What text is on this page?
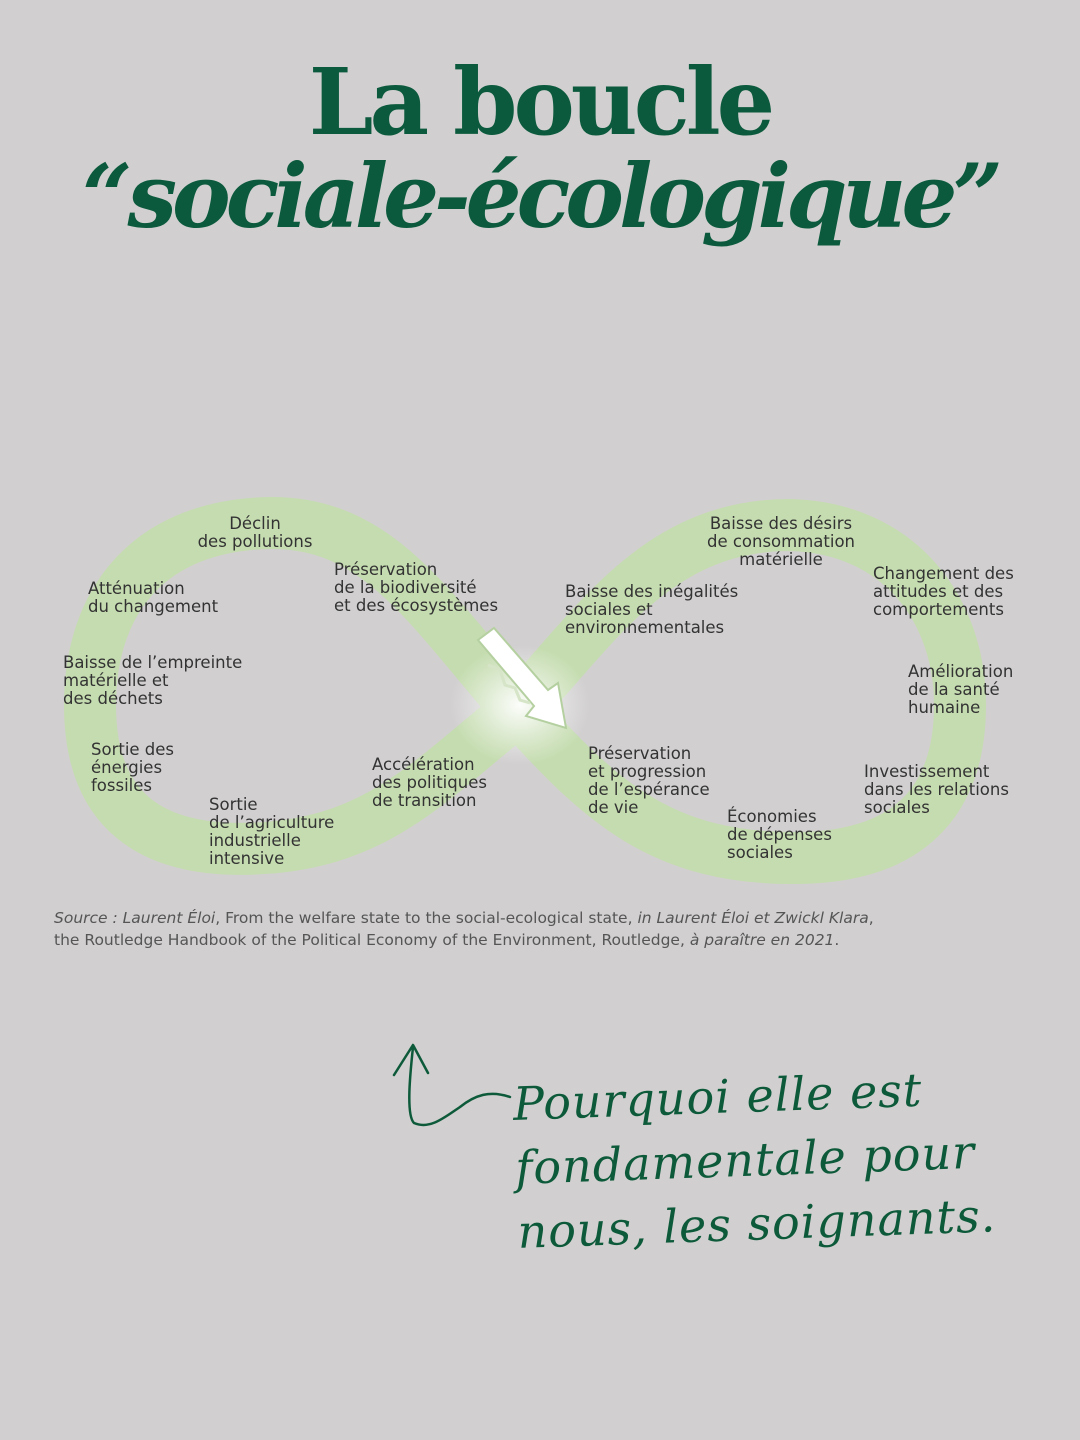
La boucle
“sociale-écologique”

Déclin
des pollutions

Atténuation
du changement

Baisse de l’empreinte
matérielle et
des déchets

Sortie des
énergies
fossiles

Sortie
de l’agriculture
industrielle
intensive

Accélération
des politiques
de transition

Préservation
de la biodiversité
et des écosystèmes

Baisse des inégalités
sociales et
environnementales

Baisse des désirs
de consommation
matérielle

Changement des
attitudes et des
comportements

Amélioration
de la santé
humaine

Investissement
dans les relations
sociales

Économies
de dépenses
sociales

Préservation
et progression
de l’espérance
de vie

Source : Laurent Éloi, From the welfare state to the social-ecological state, in Laurent Éloi et Zwickl Klara,
the Routledge Handbook of the Political Economy of the Environment, Routledge, à paraître en 2021.

Pourquoi elle est
fondamentale pour
nous, les soignants.
